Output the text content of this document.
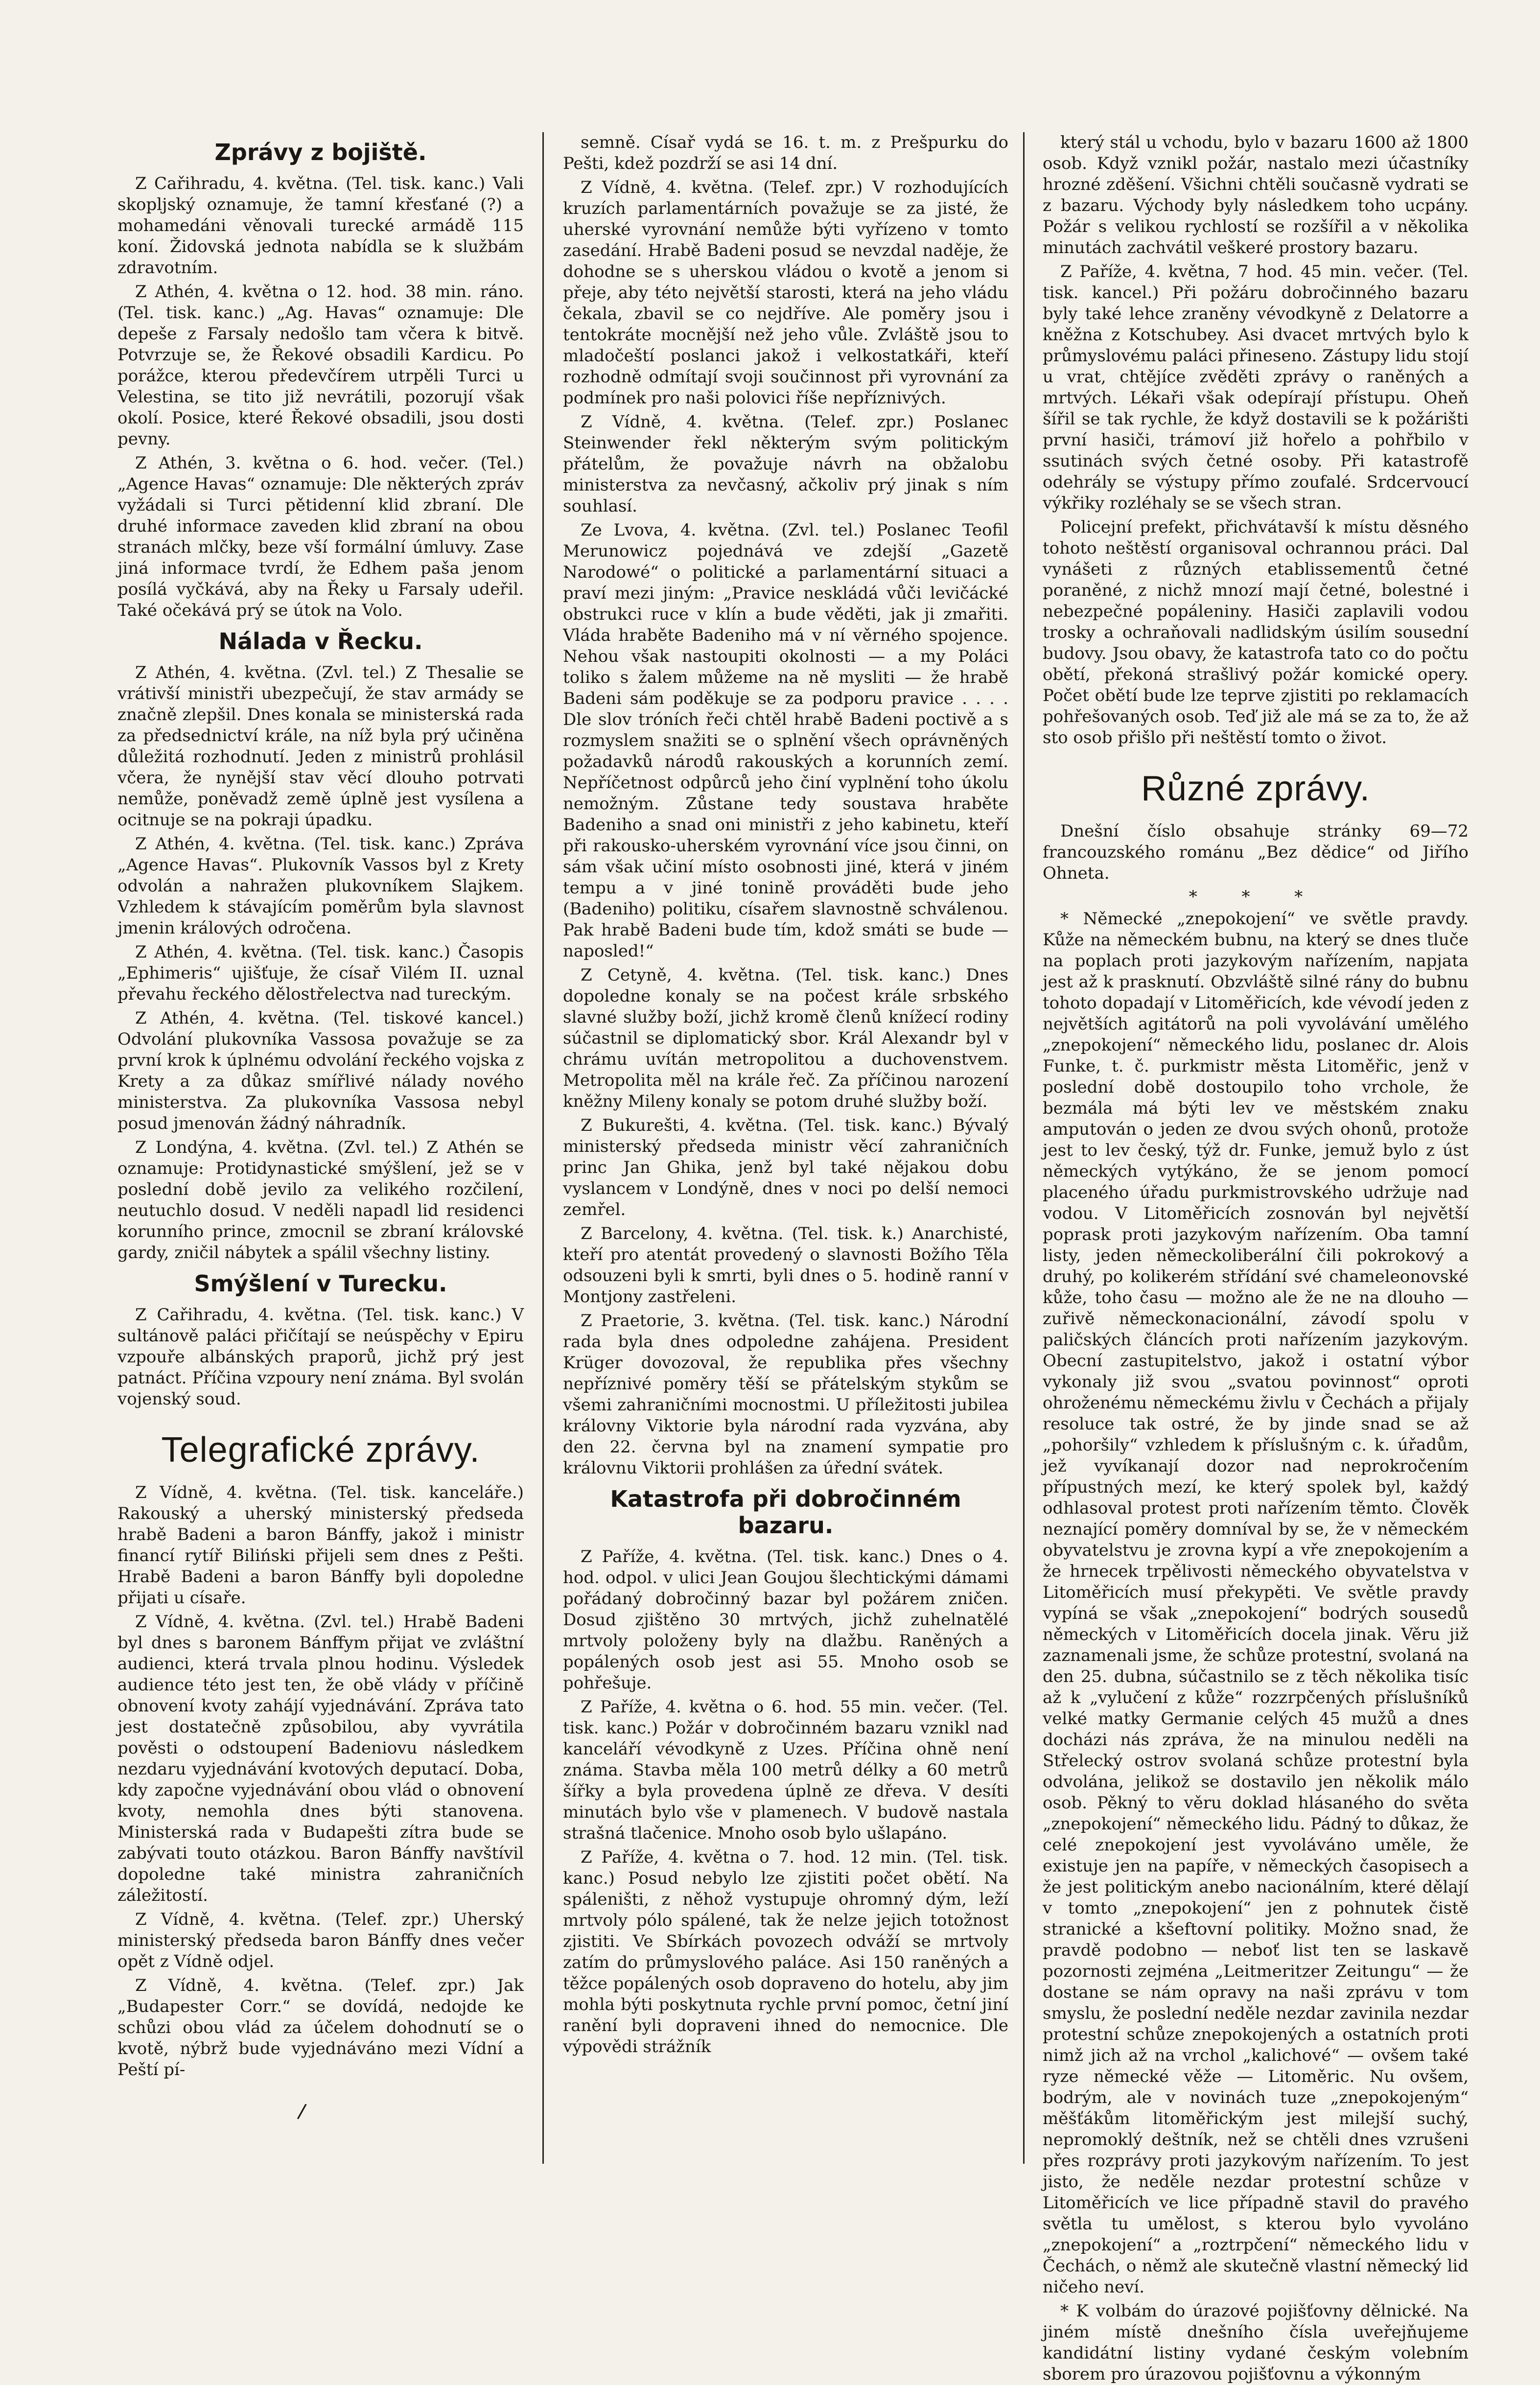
Zprávy z bojiště.

Z Cařihradu, 4. května. (Tel. tisk. kanc.) Vali skopljský oznamuje, že tamní křesťané (?) a mohamedáni věnovali turecké armádě 115 koní. Židovská jednota nabídla se k službám zdravotním.

Z Athén, 4. května o 12. hod. 38 min. ráno. (Tel. tisk. kanc.) „Ag. Havas“ oznamuje: Dle depeše z Farsaly nedošlo tam včera k bitvě. Potvrzuje se, že Řekové obsadili Kardicu. Po porážce, kterou předevčírem utrpěli Turci u Velestina, se tito již nevrátili, pozorují však okolí. Posice, které Řekové obsadili, jsou dosti pevny.

Z Athén, 3. května o 6. hod. večer. (Tel.) „Agence Havas“ oznamuje: Dle některých zpráv vyžádali si Turci pětidenní klid zbraní. Dle druhé informace zaveden klid zbraní na obou stranách mlčky, beze vší formální úmluvy. Zase jiná informace tvrdí, že Edhem paša jenom posílá vyčkává, aby na Řeky u Farsaly udeřil. Také očekává prý se útok na Volo.

Nálada v Řecku.

Z Athén, 4. května. (Zvl. tel.) Z Thesalie se vrátivší ministři ubezpečují, že stav armády se značně zlepšil. Dnes konala se ministerská rada za předsednictví krále, na níž byla prý učiněna důležitá rozhodnutí. Jeden z ministrů prohlásil včera, že nynější stav věcí dlouho potrvati nemůže, poněvadž země úplně jest vysílena a ocitnuje se na pokraji úpadku.

Z Athén, 4. května. (Tel. tisk. kanc.) Zpráva „Agence Havas“. Plukovník Vassos byl z Krety odvolán a nahražen plukovníkem Slajkem. Vzhledem k stávajícím poměrům byla slavnost jmenin králových odročena.

Z Athén, 4. května. (Tel. tisk. kanc.) Časopis „Ephimeris“ ujišťuje, že císař Vilém II. uznal převahu řeckého dělostřelectva nad tureckým.

Z Athén, 4. května. (Tel. tiskové kancel.) Odvolání plukovníka Vassosa považuje se za první krok k úplnému odvolání řeckého vojska z Krety a za důkaz smířlivé nálady nového ministerstva. Za plukovníka Vassosa nebyl posud jmenován žádný náhradník.

Z Londýna, 4. května. (Zvl. tel.) Z Athén se oznamuje: Protidynastické smýšlení, jež se v poslední době jevilo za velikého rozčilení, neutuchlo dosud. V neděli napadl lid residenci korunního prince, zmocnil se zbraní královské gardy, zničil nábytek a spálil všechny listiny.

Smýšlení v Turecku.

Z Cařihradu, 4. května. (Tel. tisk. kanc.) V sultánově paláci přičítají se neúspěchy v Epiru vzpouře albánských praporů, jichž prý jest patnáct. Příčina vzpoury není známa. Byl svolán vojenský soud.

Telegrafické zprávy.

Z Vídně, 4. května. (Tel. tisk. kanceláře.) Rakouský a uherský ministerský předseda hrabě Badeni a baron Bánffy, jakož i ministr financí rytíř Biliński přijeli sem dnes z Pešti. Hrabě Badeni a baron Bánffy byli dopoledne přijati u císaře.

Z Vídně, 4. května. (Zvl. tel.) Hrabě Badeni byl dnes s baronem Bánffym přijat ve zvláštní audienci, která trvala plnou hodinu. Výsledek audience této jest ten, že obě vlády v příčině obnovení kvoty zahájí vyjednávání. Zpráva tato jest dostatečně způsobilou, aby vyvrátila pověsti o odstoupení Badeniovu následkem nezdaru vyjednávání kvotových deputací. Doba, kdy započne vyjednávání obou vlád o obnovení kvoty, nemohla dnes býti stanovena. Ministerská rada v Budapešti zítra bude se zabývati touto otázkou. Baron Bánffy navštívil dopoledne také ministra zahraničních záležitostí.

Z Vídně, 4. května. (Telef. zpr.) Uherský ministerský předseda baron Bánffy dnes večer opět z Vídně odjel.

Z Vídně, 4. května. (Telef. zpr.) Jak „Budapester Corr.“ se dovídá, nedojde ke schůzi obou vlád za účelem dohodnutí se o kvotě, nýbrž bude vyjednáváno mezi Vídní a Peští pí-

semně. Císař vydá se 16. t. m. z Prešpurku do Pešti, kdež pozdrží se asi 14 dní.

Z Vídně, 4. května. (Telef. zpr.) V rozhodujících kruzích parlamentárních považuje se za jisté, že uherské vyrovnání nemůže býti vyřízeno v tomto zasedání. Hrabě Badeni posud se nevzdal naděje, že dohodne se s uherskou vládou o kvotě a jenom si přeje, aby této největší starosti, která na jeho vládu čekala, zbavil se co nejdříve. Ale poměry jsou i tentokráte mocnější než jeho vůle. Zvláště jsou to mladočeští poslanci jakož i velkostatkáři, kteří rozhodně odmítají svoji součinnost při vyrovnání za podmínek pro naši polovici říše nepříznivých.

Z Vídně, 4. května. (Telef. zpr.) Poslanec Steinwender řekl některým svým politickým přátelům, že považuje návrh na obžalobu ministerstva za nevčasný, ačkoliv prý jinak s ním souhlasí.

Ze Lvova, 4. května. (Zvl. tel.) Poslanec Teofil Merunowicz pojednává ve zdejší „Gazetě Narodowé“ o politické a parlamentární situaci a praví mezi jiným: „Pravice neskládá vůči levičácké obstrukci ruce v klín a bude věděti, jak ji zmařiti. Vláda hraběte Badeniho má v ní věrného spojence. Nehou však nastoupiti okolnosti — a my Poláci toliko s žalem můžeme na ně mysliti — že hrabě Badeni sám poděkuje se za podporu pravice . . . . Dle slov tróních řeči chtěl hrabě Badeni poctivě a s rozmyslem snažiti se o splnění všech oprávněných požadavků národů rakouských a korunních zemí. Nepříčetnost odpůrců jeho činí vyplnění toho úkolu nemožným. Zůstane tedy soustava hraběte Badeniho a snad oni ministři z jeho kabinetu, kteří při rakousko-uherském vyrovnání více jsou činni, on sám však učiní místo osobnosti jiné, která v jiném tempu a v jiné tonině prováděti bude jeho (Badeniho) politiku, císařem slavnostně schválenou. Pak hrabě Badeni bude tím, kdož smáti se bude — naposled!“

Z Cetyně, 4. května. (Tel. tisk. kanc.) Dnes dopoledne konaly se na počest krále srbského slavné služby boží, jichž kromě členů knížecí rodiny súčastnil se diplomatický sbor. Král Alexandr byl v chrámu uvítán metropolitou a duchovenstvem. Metropolita měl na krále řeč. Za příčinou narození kněžny Mileny konaly se potom druhé služby boží.

Z Bukurešti, 4. května. (Tel. tisk. kanc.) Bývalý ministerský předseda ministr věcí zahraničních princ Jan Ghika, jenž byl také nějakou dobu vyslancem v Londýně, dnes v noci po delší nemoci zemřel.

Z Barcelony, 4. května. (Tel. tisk. k.) Anarchisté, kteří pro atentát provedený o slavnosti Božího Těla odsouzeni byli k smrti, byli dnes o 5. hodině ranní v Montjony zastřeleni.

Z Praetorie, 3. května. (Tel. tisk. kanc.) Národní rada byla dnes odpoledne zahájena. President Krüger dovozoval, že republika přes všechny nepříznivé poměry těší se přátelským stykům se všemi zahraničními mocnostmi. U příležitosti jubilea královny Viktorie byla národní rada vyzvána, aby den 22. června byl na znamení sympatie pro královnu Viktorii prohlášen za úřední svátek.

Katastrofa při dobročinném bazaru.

Z Paříže, 4. května. (Tel. tisk. kanc.) Dnes o 4. hod. odpol. v ulici Jean Goujou šlechtickými dámami pořádaný dobročinný bazar byl požárem zničen. Dosud zjištěno 30 mrtvých, jichž zuhelnatělé mrtvoly položeny byly na dlažbu. Raněných a popálených osob jest asi 55. Mnoho osob se pohřešuje.

Z Paříže, 4. května o 6. hod. 55 min. večer. (Tel. tisk. kanc.) Požár v dobročinném bazaru vznikl nad kanceláří vévodkyně z Uzes. Příčina ohně není známa. Stavba měla 100 metrů délky a 60 metrů šířky a byla provedena úplně ze dřeva. V desíti minutách bylo vše v plamenech. V budově nastala strašná tlačenice. Mnoho osob bylo ušlapáno.

Z Paříže, 4. května o 7. hod. 12 min. (Tel. tisk. kanc.) Posud nebylo lze zjistiti počet obětí. Na spáleništi, z něhož vystupuje ohromný dým, leží mrtvoly pólo spálené, tak že nelze jejich totožnost zjistiti. Ve Sbírkách povozech odváží se mrtvoly zatím do průmyslového paláce. Asi 150 raněných a těžce popálených osob dopraveno do hotelu, aby jim mohla býti poskytnuta rychle první pomoc, četní jiní ranění byli dopraveni ihned do nemocnice. Dle výpovědi strážník

který stál u vchodu, bylo v bazaru 1600 až 1800 osob. Když vznikl požár, nastalo mezi účastníky hrozné zděšení. Všichni chtěli současně vydrati se z bazaru. Východy byly následkem toho ucpány. Požár s velikou rychlostí se rozšířil a v několika minutách zachvátil veškeré prostory bazaru.

Z Paříže, 4. května, 7 hod. 45 min. večer. (Tel. tisk. kancel.) Při požáru dobročinného bazaru byly také lehce zraněny vévodkyně z Delatorre a kněžna z Kotschubey. Asi dvacet mrtvých bylo k průmyslovému paláci přineseno. Zástupy lidu stojí u vrat, chtějíce zvěděti zprávy o raněných a mrtvých. Lékaři však odepírají přístupu. Oheň šířil se tak rychle, že když dostavili se k požárišti první hasiči, trámoví již hořelo a pohřbilo v ssutinách svých četné osoby. Při katastrofě odehrály se výstupy přímo zoufalé. Srdcervoucí výkřiky rozléhaly se se všech stran.

Policejní prefekt, přichvátavší k místu děsného tohoto neštěstí organisoval ochrannou práci. Dal vynášeti z různých etablissementů četné poraněné, z nichž mnozí mají četné, bolestné i nebezpečné popáleniny. Hasiči zaplavili vodou trosky a ochraňovali nadlidským úsilím sousední budovy. Jsou obavy, že katastrofa tato co do počtu obětí, překoná strašlivý požár komické opery. Počet obětí bude lze teprve zjistiti po reklamacích pohřešovaných osob. Teď již ale má se za to, že až sto osob přišlo při neštěstí tomto o život.

Různé zprávy.

Dnešní číslo obsahuje stránky 69—72 francouzského románu „Bez dědice“ od Jiřího Ohneta.

* * *

* Německé „znepokojení“ ve světle pravdy. Kůže na německém bubnu, na který se dnes tluče na poplach proti jazykovým nařízením, napjata jest až k prasknutí. Obzvláště silné rány do bubnu tohoto dopadají v Litoměřicích, kde vévodí jeden z největších agitátorů na poli vyvolávání umělého „znepokojení“ německého lidu, poslanec dr. Alois Funke, t. č. purkmistr města Litoměřic, jenž v poslední době dostoupilo toho vrchole, že bezmála má býti lev ve městském znaku amputován o jeden ze dvou svých ohonů, protože jest to lev český, týž dr. Funke, jemuž bylo z úst německých vytýkáno, že se jenom pomocí placeného úřadu purkmistrovského udržuje nad vodou. V Litoměřicích zosnován byl největší poprask proti jazykovým nařízením. Oba tamní listy, jeden německoliberální čili pokrokový a druhý, po kolikerém střídání své chameleonovské kůže, toho času — možno ale že ne na dlouho — zuřivě německonacionální, závodí spolu v paličských článcích proti nařízením jazykovým. Obecní zastupitelstvo, jakož i ostatní výbor vykonaly již svou „svatou povinnost“ oproti ohroženému německému živlu v Čechách a přijaly resoluce tak ostré, že by jinde snad se až „pohoršily“ vzhledem k příslušným c. k. úřadům, jež vyvíkanají dozor nad neprokročením přípustných mezí, ke který spolek byl, každý odhlasoval protest proti nařízením těmto. Člověk neznající poměry domníval by se, že v německém obyvatelstvu je zrovna kypí a vře znepokojením a že hrnecek trpělivosti německého obyvatelstva v Litoměřicích musí překypěti. Ve světle pravdy vypíná se však „znepokojení“ bodrých sousedů německých v Litoměřicích docela jinak. Věru již zaznamenali jsme, že schůze protestní, svolaná na den 25. dubna, súčastnilo se z těch několika tisíc až k „vylučení z kůže“ rozzrpčených příslušníků velké matky Germanie celých 45 mužů a dnes docházi nás zpráva, že na minulou neděli na Střelecký ostrov svolaná schůze protestní byla odvolána, jelikož se dostavilo jen několik málo osob. Pěkný to věru doklad hlásaného do světa „znepokojení“ německého lidu. Pádný to důkaz, že celé znepokojení jest vyvoláváno uměle, že existuje jen na papíře, v německých časopisech a že jest politickým anebo nacionálním, které dělají v tomto „znepokojení“ jen z pohnutek čistě stranické a kšeftovní politiky. Možno snad, že pravdě podobno — neboť list ten se laskavě pozornosti zejména „Leitmeritzer Zeitungu“ — že dostane se nám opravy na naši zprávu v tom smyslu, že poslední neděle nezdar zavinila nezdar protestní schůze znepokojených a ostatních proti nimž jich až na vrchol „kalichové“ — ovšem také ryze německé věže — Litoměric. Nu ovšem, bodrým, ale v novinách tuze „znepokojeným“ měšťákům litoměřickým jest milejší suchý, nepromoklý deštník, než se chtěli dnes vzrušeni přes rozprávy proti jazykovým nařízením. To jest jisto, že neděle nezdar protestní schůze v Litoměřicích ve lice případně stavil do pravého světla tu umělost, s kterou bylo vyvoláno „znepokojení“ a „roztrpčení“ německého lidu v Čechách, o němž ale skutečně vlastní německý lid ničeho neví.

* K volbám do úrazové pojišťovny dělnické. Na jiném místě dnešního čísla uveřejňujeme kandidátní listiny vydané českým volebním sborem pro úrazovou pojišťovnu a výkonným

/
